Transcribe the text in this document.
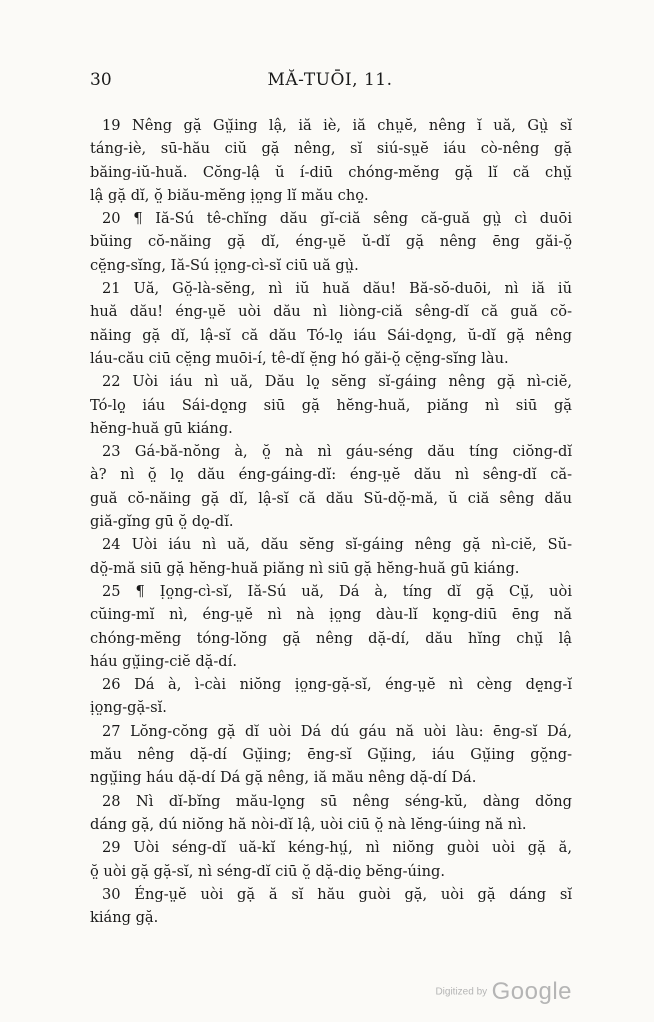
30	MĂ-TUŌI, 11.
19 Nêng gặ Gṳ̆ing lậ, iă iè, iă chṳĕ, nêng ĭ uă, Gṳ̀ sĭ
táng-iè, sū-hău ciŭ gặ nêng, sĭ siú-sṳĕ iáu cò-nêng gặ
băing-iŭ-huă. Cŏng-lậ ŭ í-diū chóng-mĕng gặ lĭ că chṳ̆
lậ gặ dĭ, ŏ̤ biău-mĕng ịo̤ng lĭ mău chọ̤.
20 ¶ Iă-Sú tê-chĭng dău gĭ-ciă sêng că-guă gṳ̀ cì duōi
bŭing cŏ-năing gặ dĭ, éng-ṳĕ ŭ-dĭ gặ nêng ēng găi-ŏ̤
cĕ̤ng-sĭng, Iă-Sú ịo̤ng-cì-sĭ ciū uă gṳ̀.
21 Uă, Gŏ̤-là-sĕng, nì iŭ huă dău! Bă-sŏ-duōi, nì iă iŭ
huă dău! éng-ṳĕ uòi dău nì liòng-ciă sêng-dĭ că guă cŏ-
năing gặ dĭ, lậ-sĭ că dău Tó-lọ̤ iáu Sái-dọ̤ng, ŭ-dĭ gặ nêng
láu-cău ciū cĕ̤ng muōi-í, tê-dĭ ĕ̤ng hó găi-ŏ̤ cĕ̤ng-sĭng làu.
22 Uòi iáu nì uă, Dău lọ̤ sĕng sĭ-gáing nêng gặ nì-ciĕ,
Tó-lọ̤ iáu Sái-dọ̤ng siū gặ hĕng-huă, piăng nì siū gặ
hĕng-huă gū kiáng.
23 Gá-bă-nŏng à, ŏ̤ nà nì gáu-séng dău tíng ciŏng-dĭ
à? nì ŏ̤ lọ̤ dău éng-gáing-dĭ: éng-ṳĕ dău nì sêng-dĭ că-
guă cŏ-năing gặ dĭ, lậ-sĭ că dău Sŭ-dŏ̤-mă, ŭ ciă sêng dău
giă-gĭng gū ŏ̤ dọ̤-dĭ.
24 Uòi iáu nì uă, dău sĕng sĭ-gáing nêng gặ nì-ciĕ, Sŭ-
dŏ̤-mă siū gặ hĕng-huă piăng nì siū gặ hĕng-huă gū kiáng.
25 ¶ Ịo̤ng-cì-sĭ, Iă-Sú uă, Dá à, tíng dĭ gặ Cṳ̆, uòi
cŭing-mĭ nì, éng-ṳĕ nì nà ịo̤ng dàu-lĭ kọ̤ng-diū ēng nă
chóng-mĕng tóng-lŏng gặ nêng dặ-dí, dău hĭng chṳ̆ lậ
háu gṳ̆ing-ciĕ dặ-dí.
26 Dá à, ì-cài niŏng ịo̤ng-gặ-sĭ, éng-ṳĕ nì cèng dẹ̤ng-ĭ
ịo̤ng-gặ-sĭ.
27 Lŏng-cŏng gặ dĭ uòi Dá dú gáu nă uòi làu: ēng-sĭ Dá,
mău nêng dặ-dí Gṳ̆ing; ēng-sĭ Gṳ̆ing, iáu Gṳ̆ing gŏ̤ng-
ngṳ̆ing háu dặ-dí Dá gặ nêng, iă mău nêng dặ-dí Dá.
28 Nì dĭ-bĭng mău-lọ̤ng sū nêng séng-kŭ, dàng dŏng
dáng gặ, dú niŏng hă nòi-dĭ lậ, uòi ciū ŏ̤ nà lĕng-úing nă nì.
29 Uòi séng-dĭ uă-kĭ kéng-hṳ́, nì niŏng guòi uòi gặ ă,
ŏ̤ uòi gặ gặ-sĭ, nì séng-dĭ ciū ŏ̤ dặ-diọ̤ bĕng-úing.
30 Éng-ṳĕ uòi gặ ă sĭ hău guòi gặ, uòi gặ dáng sĭ
kiáng gặ.
Digitized by Google
